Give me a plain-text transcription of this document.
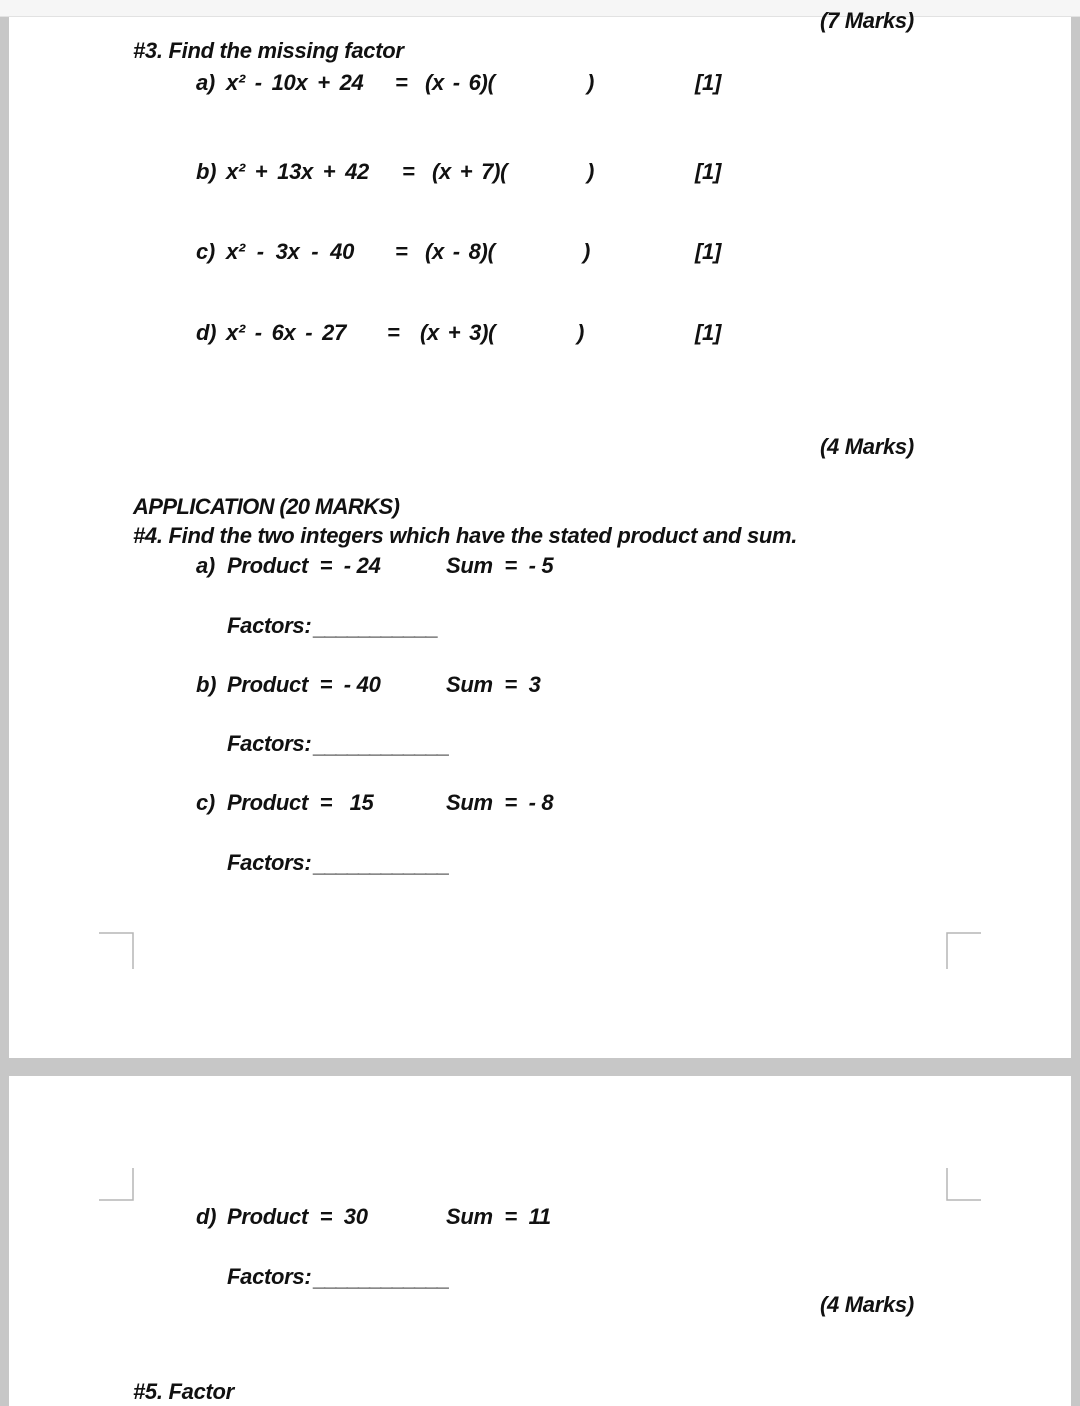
(7 Marks)
#3. Find the missing factor
a) x² - 10x + 24 = (x - 6)(	)	[1]
b) x² + 13x + 42 = (x + 7)(	)	[1]
c) x² - 3x - 40 = (x - 8)(	)	[1]
d) x² - 6x - 27 = (x + 3)(	)	[1]
(4 Marks)
APPLICATION (20 MARKS)
#4. Find the two integers which have the stated product and sum.
a) Product  =  - 24	Sum  =  - 5
Factors: ___________
b) Product  =  - 40	Sum  =  3
Factors: ____________
c) Product  =   15	Sum  =  - 8
Factors: ____________
d) Product  =  30	Sum  =  11
Factors: ____________
(4 Marks)
#5. Factor
